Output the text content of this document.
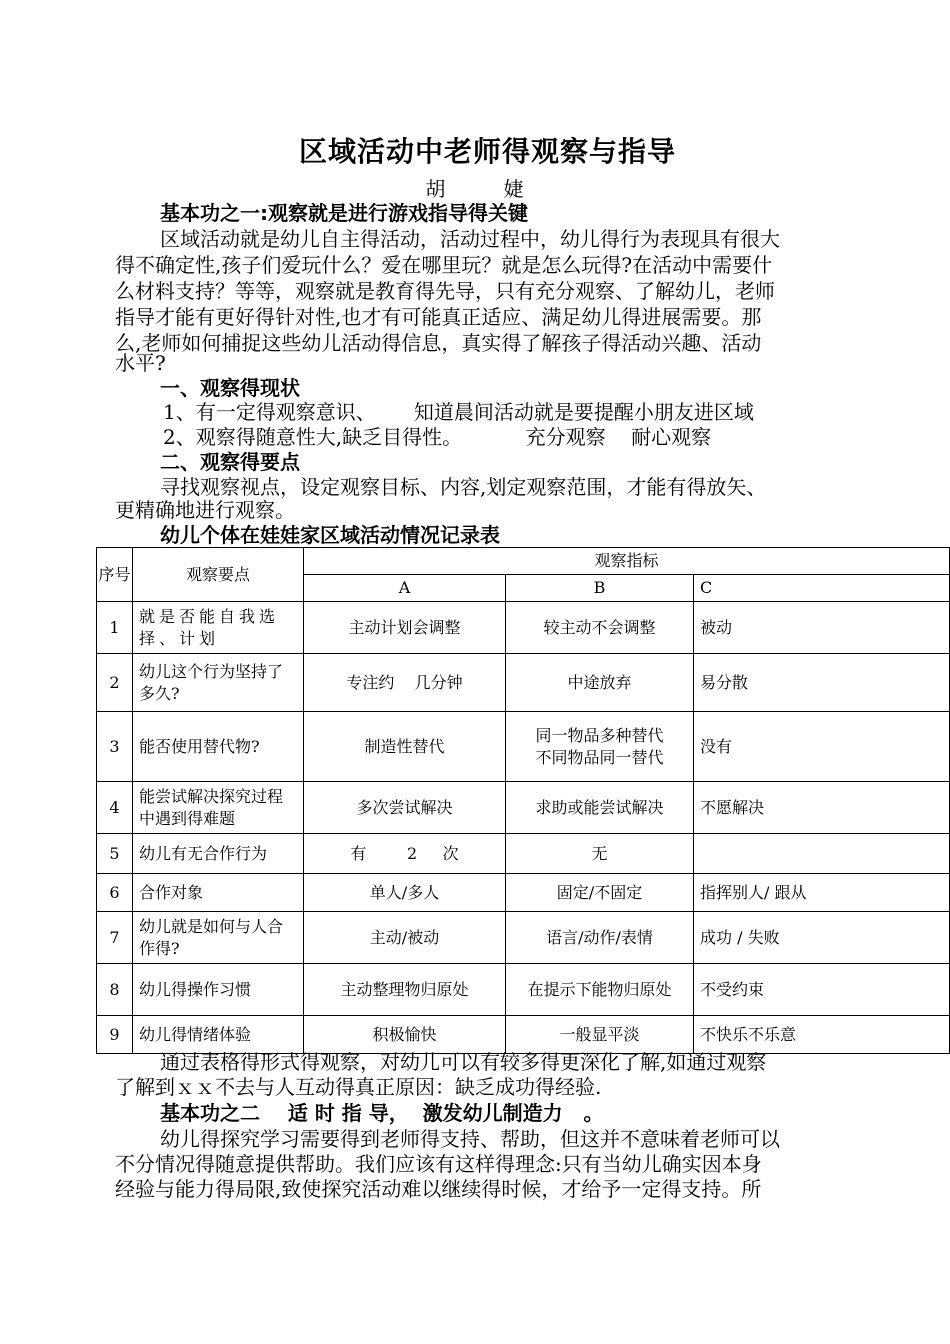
区域活动中老师得观察与指导
胡 婕
基本功之一:观察就是进行游戏指导得关键
区域活动就是幼儿自主得活动，活动过程中，幼儿得行为表现具有很大
得不确定性,孩子们爱玩什么？爱在哪里玩？就是怎么玩得?在活动中需要什
么材料支持？等等，观察就是教育得先导，只有充分观察、了解幼儿，老师
指导才能有更好得针对性,也才有可能真正适应、满足幼儿得进展需要。那
么,老师如何捕捉这些幼儿活动得信息，真实得了解孩子得活动兴趣、活动
水平?
一、观察得现状
1、有一定得观察意识、      知道晨间活动就是要提醒小朋友进区域
2、观察得随意性大,缺乏目得性。          充分观察    耐心观察
二、观察得要点
寻找观察视点，设定观察目标、内容,划定观察范围，才能有得放矢、
更精确地进行观察。
幼儿个体在娃娃家区域活动情况记录表
序号	观察要点	观察指标		
		A	B	C
1	就是否能自我选择、计划	主动计划会调整	较主动不会调整	被动
2	幼儿这个行为坚持了多久?	专注约    几分钟	中途放弃	易分散
3	能否使用替代物?	制造性替代	同一物品多种替代
不同物品同一替代	没有
4	能尝试解决探究过程中遇到得难题	多次尝试解决	求助或能尝试解决	不愿解决
5	幼儿有无合作行为	有        2     次	无	
6	合作对象	单人/多人	固定/不固定	指挥别人/ 跟从
7	幼儿就是如何与人合作得?	主动/被动	语言/动作/表情	成功 / 失败
8	幼儿得操作习惯	主动整理物归原处	在提示下能物归原处	不受约束
9	幼儿得情绪体验	积极愉快	一般显平淡	不快乐不乐意
通过表格得形式得观察，对幼儿可以有较多得更深化了解,如通过观察
了解到ｘｘ不去与人互动得真正原因：缺乏成功得经验.
基本功之二    适 时 指 导，  激发幼儿制造力   。
幼儿得探究学习需要得到老师得支持、帮助，但这并不意味着老师可以
不分情况得随意提供帮助。我们应该有这样得理念:只有当幼儿确实因本身
经验与能力得局限,致使探究活动难以继续得时候，才给予一定得支持。所
